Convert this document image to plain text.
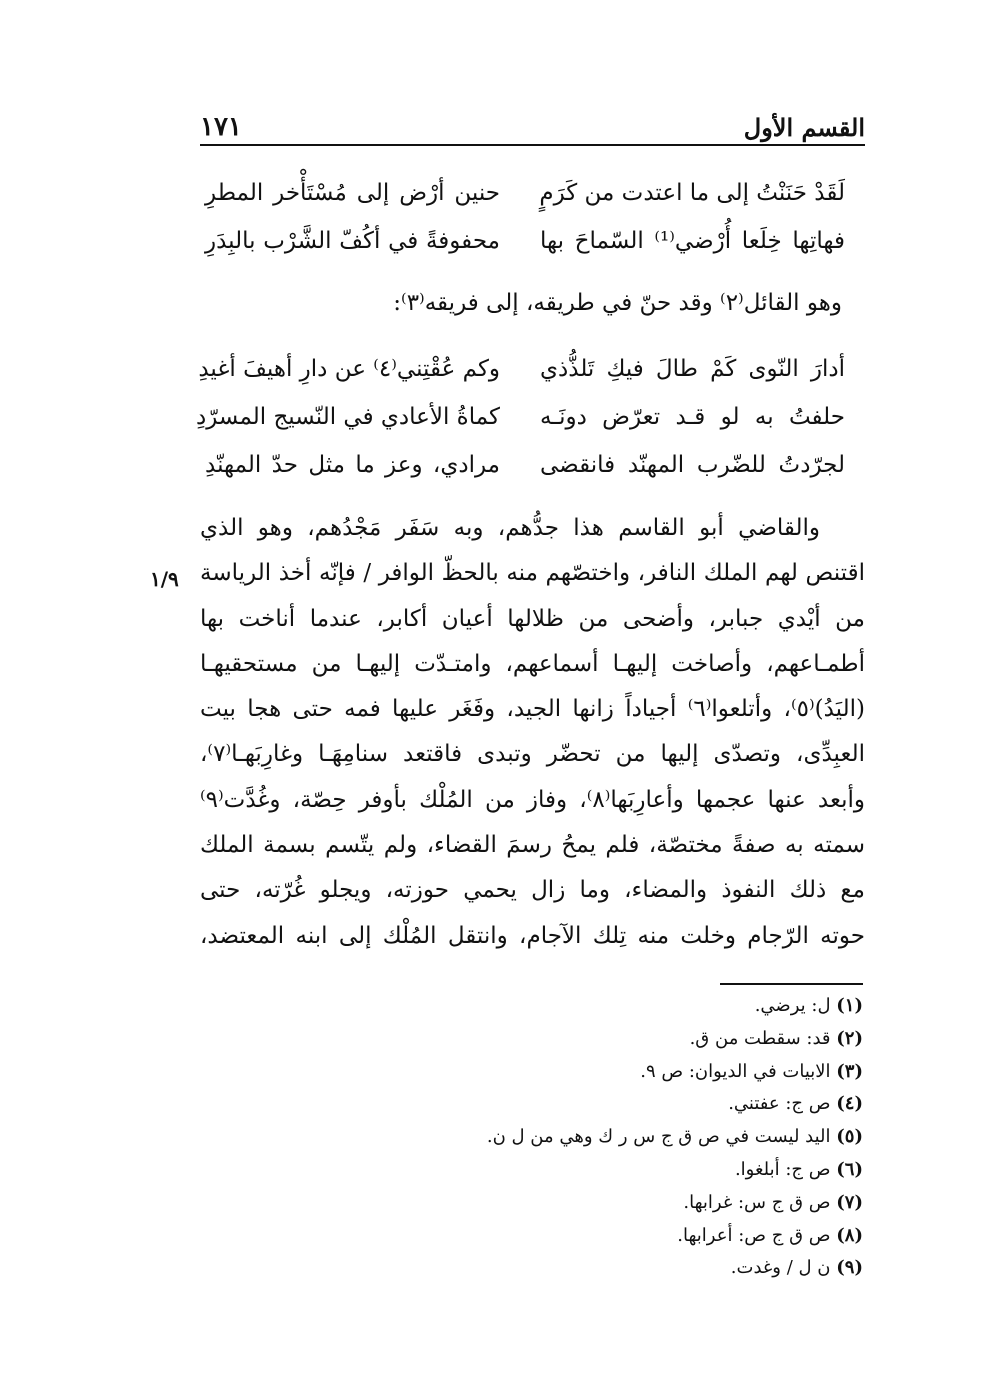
١٧١	القسم الأول
لَقَدْ حَنَنْتُ إلى ما اعتدت من كَرَمٍ
حنين أرْض إلى مُسْتَأْخر المطرِ
فهاتِها خِلَعا أُرْضي⁽¹⁾ السّماحَ بها
محفوفةً في أكُفّ الشَّرْب بالبِدَرِ
وهو القائل⁽٢⁾ وقد حنّ في طريقه، إلى فريقه⁽٣⁾:
أدارَ النّوى كَمْ طالَ فيكِ تَلذُّذي
وكم عُقْتِني⁽٤⁾ عن دارِ أهيفَ أغيدِ
حلفتُ به لو قـد تعرّض دونَـه
كماةُ الأعادي في النّسيج المسرّدِ
لجرّدتُ للضّرب المهنّد فانقضى
مرادي، وعز ما مثل حدّ المهنّدِ
والقاضي أبو القاسم هذا جدُّهم، وبه سَفَر مَجْدُهم، وهو الذي
اقتنص لهم الملك النافر، واختصّهم منه بالحظّ الوافر / فإنّه أخذ الرياسة
من أيْدي جبابر، وأضحى من ظلالها أعيان أكابر، عندما أناخت بها
أطمـاعهم، وأصاخت إليهـا أسماعهم، وامتـدّت إليهـا من مستحقيهـا
(اليَدُ)⁽٥⁾، وأتلعوا⁽٦⁾ أجياداً زانها الجيد، وفَغَر عليها فمه حتى هجا بيت
العبِدِّى، وتصدّى إليها من تحضّر وتبدى فاقتعد سنامِهَـا وغارِبَهـا⁽٧⁾،
وأبعد عنها عجمها وأعارِبَها⁽٨⁾، وفاز من المُلْك بأوفر حِصّة، وغُدَّت⁽٩⁾
سمته به صفةً مختصّة، فلم يمحُ رسمَ القضاء، ولم يتّسم بسمة الملك
مع ذلك النفوذ والمضاء، وما زال يحمي حوزته، ويجلو غُرّته، حتى
حوته الرّجام وخلت منه تِلك الآجام، وانتقل المُلْك إلى ابنه المعتضد،
١/٩
(١) ل: يرضي.
(٢) قد: سقطت من ق.
(٣) الابيات في الديوان: ص ٩.
(٤) ص ج: عفتني.
(٥) اليد ليست في ص ق ج س ر ك وهي من ل ن.
(٦) ص ج: أبلغوا.
(٧) ص ق ج س: غرابها.
(٨) ص ق ج ص: أعرابها.
(٩) ن ل / وغدت.
